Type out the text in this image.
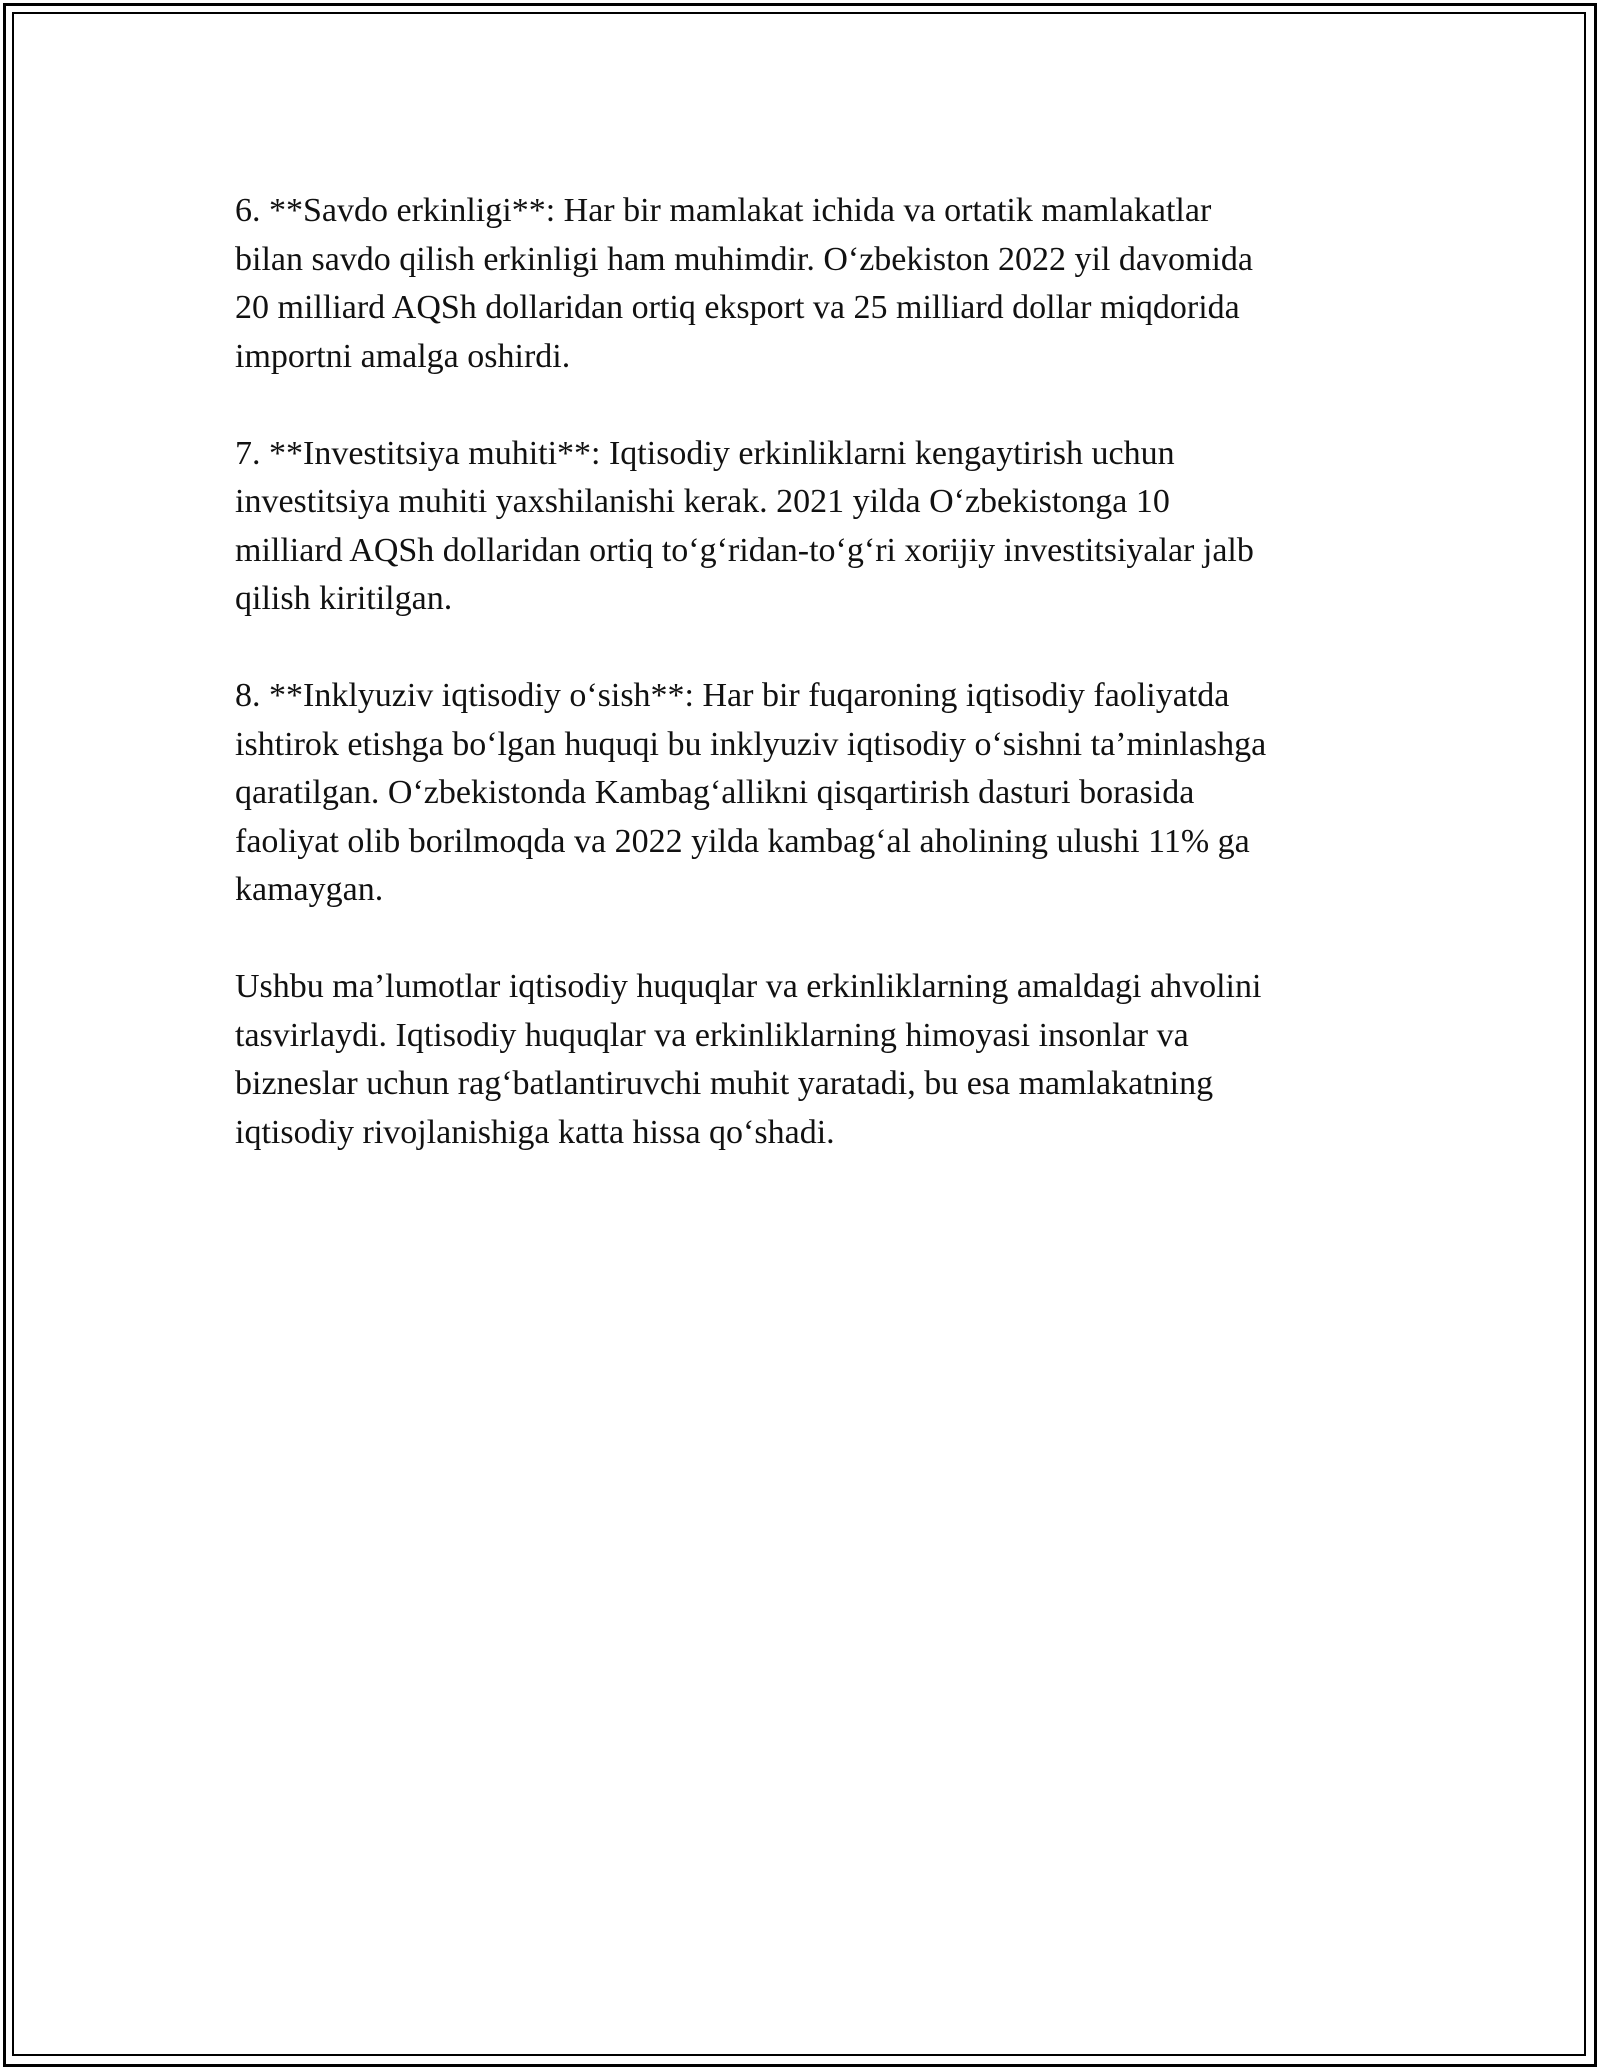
6. **Savdo erkinligi**: Har bir mamlakat ichida va ortatik mamlakatlar
bilan savdo qilish erkinligi ham muhimdir. O‘zbekiston 2022 yil davomida
20 milliard AQSh dollaridan ortiq eksport va 25 milliard dollar miqdorida
importni amalga oshirdi.

7. **Investitsiya muhiti**: Iqtisodiy erkinliklarni kengaytirish uchun
investitsiya muhiti yaxshilanishi kerak. 2021 yilda O‘zbekistonga 10
milliard AQSh dollaridan ortiq to‘g‘ridan-to‘g‘ri xorijiy investitsiyalar jalb
qilish kiritilgan.

8. **Inklyuziv iqtisodiy o‘sish**: Har bir fuqaroning iqtisodiy faoliyatda
ishtirok etishga bo‘lgan huquqi bu inklyuziv iqtisodiy o‘sishni ta’minlashga
qaratilgan. O‘zbekistonda Kambag‘allikni qisqartirish dasturi borasida
faoliyat olib borilmoqda va 2022 yilda kambag‘al aholining ulushi 11% ga
kamaygan.

Ushbu ma’lumotlar iqtisodiy huquqlar va erkinliklarning amaldagi ahvolini
tasvirlaydi. Iqtisodiy huquqlar va erkinliklarning himoyasi insonlar va
bizneslar uchun rag‘batlantiruvchi muhit yaratadi, bu esa mamlakatning
iqtisodiy rivojlanishiga katta hissa qo‘shadi.
